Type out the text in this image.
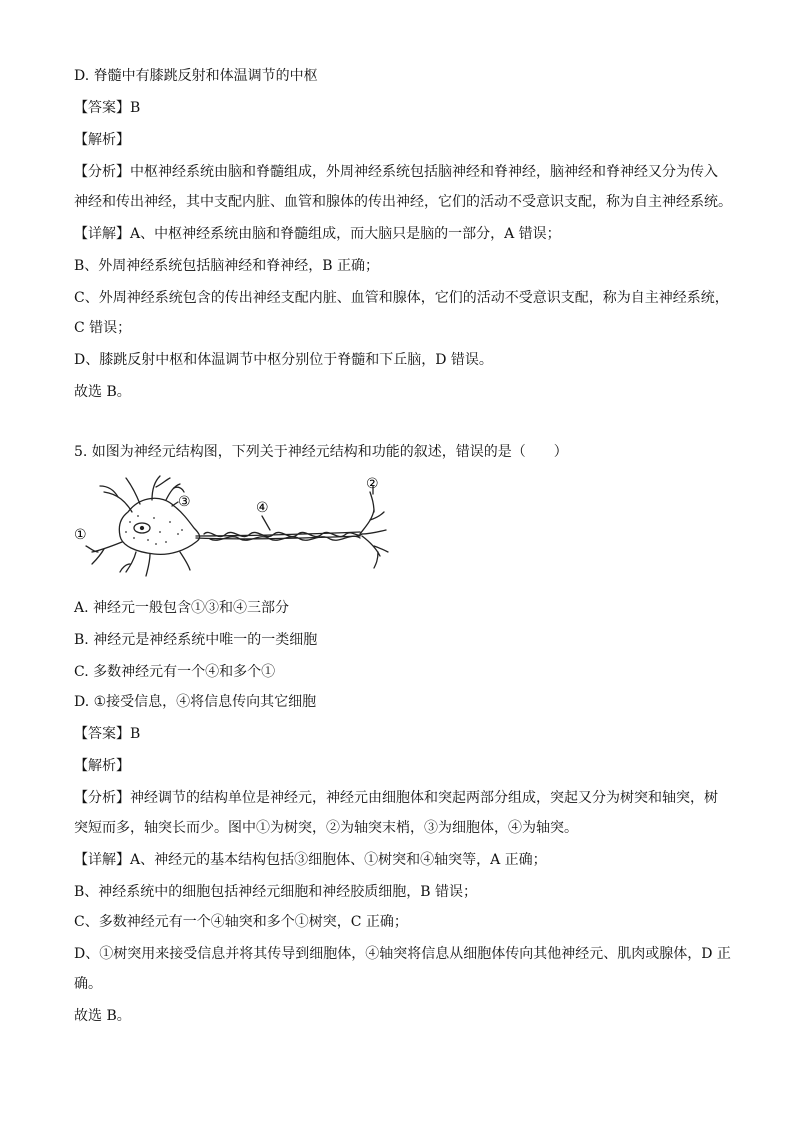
D. 脊髓中有膝跳反射和体温调节的中枢
【答案】B
【解析】
【分析】中枢神经系统由脑和脊髓组成，外周神经系统包括脑神经和脊神经，脑神经和脊神经又分为传入
神经和传出神经，其中支配内脏、血管和腺体的传出神经，它们的活动不受意识支配，称为自主神经系统。
【详解】A、中枢神经系统由脑和脊髓组成，而大脑只是脑的一部分，A 错误；
B、外周神经系统包括脑神经和脊神经，B 正确；
C、外周神经系统包含的传出神经支配内脏、血管和腺体，它们的活动不受意识支配，称为自主神经系统，
C 错误；
D、膝跳反射中枢和体温调节中枢分别位于脊髓和下丘脑，D 错误。
故选 B。
5. 如图为神经元结构图，下列关于神经元结构和功能的叙述，错误的是（　　）
①
②
③	④
A. 神经元一般包含①③和④三部分
B. 神经元是神经系统中唯一的一类细胞
C. 多数神经元有一个④和多个①
D. ①接受信息，④将信息传向其它细胞
【答案】B
【解析】
【分析】神经调节的结构单位是神经元，神经元由细胞体和突起两部分组成，突起又分为树突和轴突，树
突短而多，轴突长而少。图中①为树突，②为轴突末梢，③为细胞体，④为轴突。
【详解】A、神经元的基本结构包括③细胞体、①树突和④轴突等，A 正确；
B、神经系统中的细胞包括神经元细胞和神经胶质细胞，B 错误；
C、多数神经元有一个④轴突和多个①树突，C 正确；
D、①树突用来接受信息并将其传导到细胞体，④轴突将信息从细胞体传向其他神经元、肌肉或腺体，D 正
确。
故选 B。
